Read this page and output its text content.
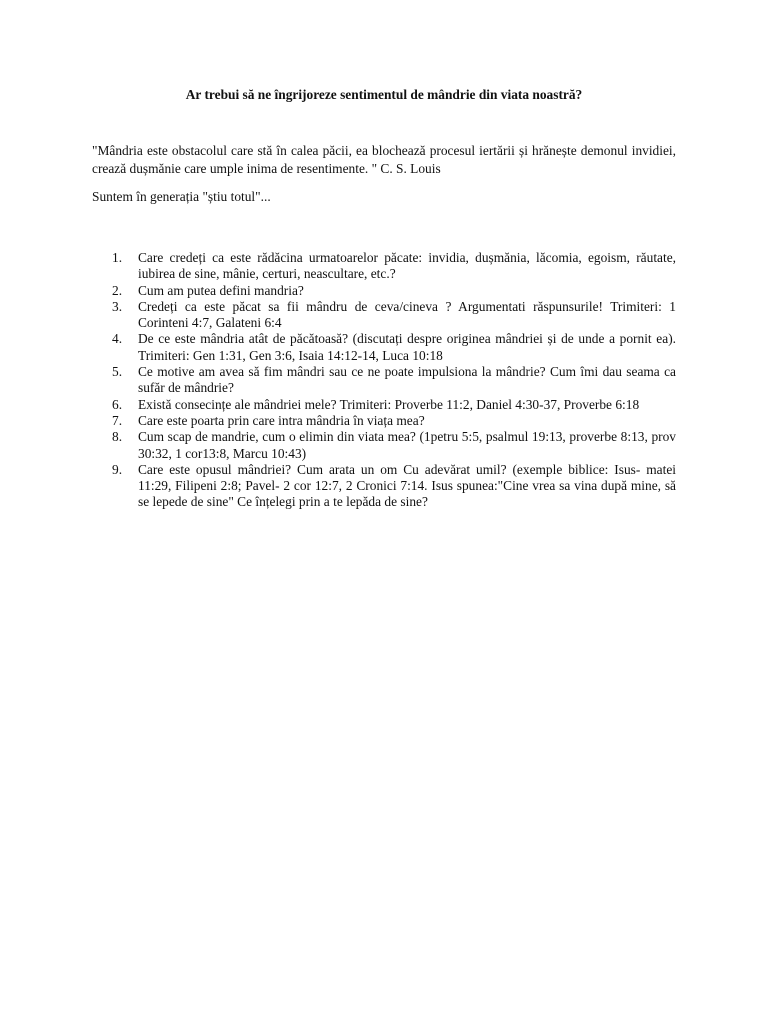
Ar trebui să ne îngrijoreze sentimentul de mândrie din viata noastră?

"Mândria este obstacolul care stă în calea păcii, ea blochează procesul iertării și hrănește demonul invidiei, crează dușmănie care umple inima de resentimente. " C. S. Louis

Suntem în generația "știu totul"...

1. Care credeți ca este rădăcina urmatoarelor păcate: invidia, dușmănia, lăcomia, egoism, răutate, iubirea de sine, mânie, certuri, neascultare, etc.?
2. Cum am putea defini mandria?
3. Credeți ca este păcat sa fii mândru de ceva/cineva ? Argumentati răspunsurile! Trimiteri: 1 Corinteni 4:7, Galateni 6:4
4. De ce este mândria atât de păcătoasă? (discutați despre originea mândriei și de unde a pornit ea). Trimiteri: Gen 1:31, Gen 3:6, Isaia 14:12-14, Luca 10:18
5. Ce motive am avea să fim mândri sau ce ne poate impulsiona la mândrie? Cum îmi dau seama ca sufăr de mândrie?
6. Există consecințe ale mândriei mele? Trimiteri: Proverbe 11:2, Daniel 4:30-37, Proverbe 6:18
7. Care este poarta prin care intra mândria în viața mea?
8. Cum scap de mandrie, cum o elimin din viata mea? (1petru 5:5, psalmul 19:13, proverbe 8:13, prov 30:32, 1 cor13:8, Marcu 10:43)
9. Care este opusul mândriei? Cum arata un om Cu adevărat umil? (exemple biblice: Isus- matei 11:29, Filipeni 2:8; Pavel- 2 cor 12:7, 2 Cronici 7:14. Isus spunea:"Cine vrea sa vina după mine, să se lepede de sine" Ce înțelegi prin a te lepăda de sine?
